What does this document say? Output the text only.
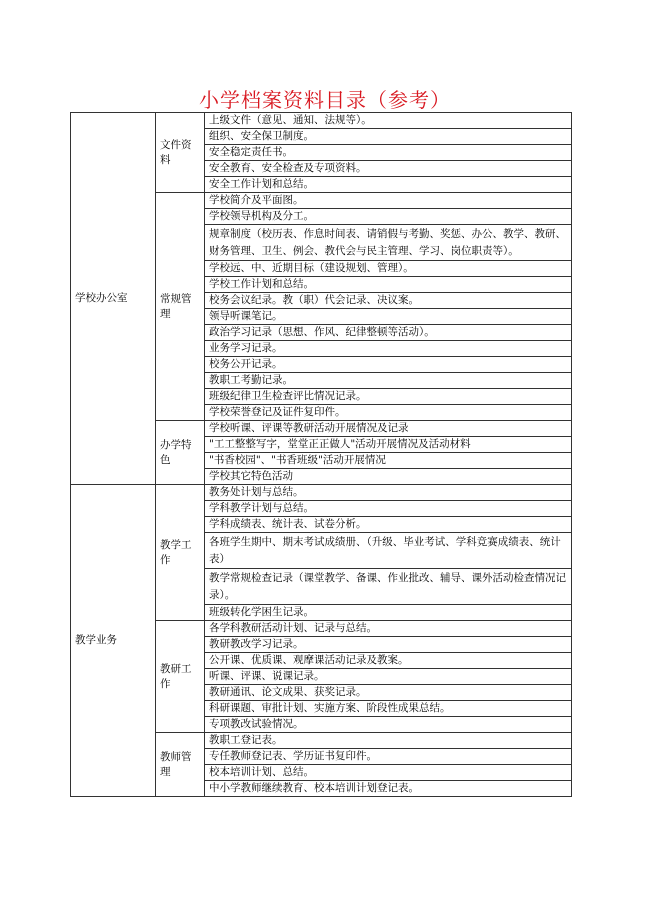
小学档案资料目录（参考）
学校办公室	文件资料	上级文件（意见、通知、法规等）。
		组织、安全保卫制度。
		安全稳定责任书。
		安全教育、安全检查及专项资料。
		安全工作计划和总结。
	常规管理	学校简介及平面图。
		学校领导机构及分工。
		规章制度（校历表、作息时间表、请销假与考勤、奖惩、办公、教学、教研、财务管理、卫生、例会、教代会与民主管理、学习、岗位职责等）。
		学校远、中、近期目标（建设规划、管理）。
		学校工作计划和总结。
		校务会议纪录。教（职）代会记录、决议案。
		领导听课笔记。
		政治学习记录（思想、作风、纪律整顿等活动）。
		业务学习记录。
		校务公开记录。
		教职工考勤记录。
		班级纪律卫生检查评比情况记录。
		学校荣誉登记及证件复印件。
	办学特色	学校听课、评课等教研活动开展情况及记录
		"工工整整写字，堂堂正正做人"活动开展情况及活动材料
		"书香校园"、"书香班级"活动开展情况
		学校其它特色活动
教学业务	教学工作	教务处计划与总结。
		学科教学计划与总结。
		学科成绩表、统计表、试卷分析。
		各班学生期中、期末考试成绩册、（升级、毕业考试、学科竞赛成绩表、统计表）
		教学常规检查记录（课堂教学、备课、作业批改、辅导、课外活动检查情况记录）。
		班级转化学困生记录。
	教研工作	各学科教研活动计划、记录与总结。
		教研教改学习记录。
		公开课、优质课、观摩课活动记录及教案。
		听课、评课、说课记录。
		教研通讯、论文成果、获奖记录。
		科研课题、审批计划、实施方案、阶段性成果总结。
		专项教改试验情况。
	教师管理	教职工登记表。
		专任教师登记表、学历证书复印件。
		校本培训计划、总结。
		中小学教师继续教育、校本培训计划登记表。
